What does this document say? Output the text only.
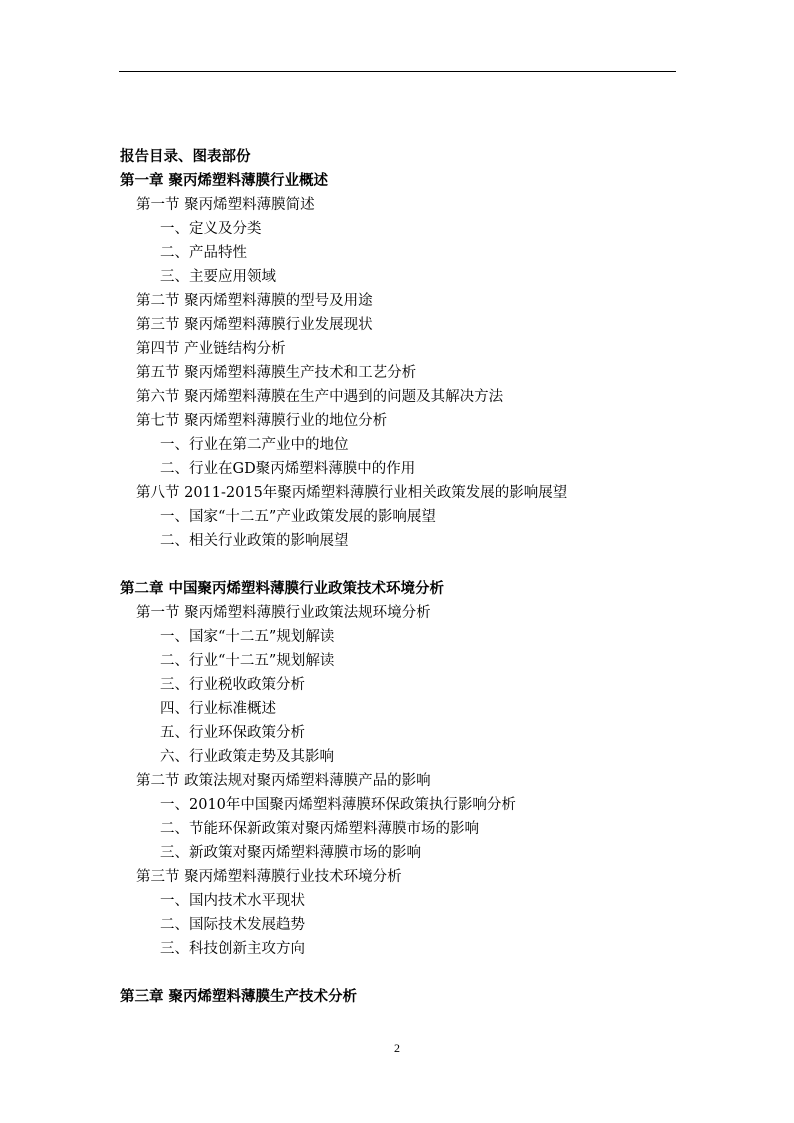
报告目录、图表部份
第一章 聚丙烯塑料薄膜行业概述
第一节 聚丙烯塑料薄膜简述
一、定义及分类
二、产品特性
三、主要应用领域
第二节 聚丙烯塑料薄膜的型号及用途
第三节 聚丙烯塑料薄膜行业发展现状
第四节 产业链结构分析
第五节 聚丙烯塑料薄膜生产技术和工艺分析
第六节 聚丙烯塑料薄膜在生产中遇到的问题及其解决方法
第七节 聚丙烯塑料薄膜行业的地位分析
一、行业在第二产业中的地位
二、行业在GD聚丙烯塑料薄膜中的作用
第八节 2011-2015年聚丙烯塑料薄膜行业相关政策发展的影响展望
一、国家“十二五”产业政策发展的影响展望
二、相关行业政策的影响展望
第二章 中国聚丙烯塑料薄膜行业政策技术环境分析
第一节 聚丙烯塑料薄膜行业政策法规环境分析
一、国家“十二五”规划解读
二、行业“十二五”规划解读
三、行业税收政策分析
四、行业标准概述
五、行业环保政策分析
六、行业政策走势及其影响
第二节 政策法规对聚丙烯塑料薄膜产品的影响
一、2010年中国聚丙烯塑料薄膜环保政策执行影响分析
二、节能环保新政策对聚丙烯塑料薄膜市场的影响
三、新政策对聚丙烯塑料薄膜市场的影响
第三节 聚丙烯塑料薄膜行业技术环境分析
一、国内技术水平现状
二、国际技术发展趋势
三、科技创新主攻方向
第三章 聚丙烯塑料薄膜生产技术分析
2
